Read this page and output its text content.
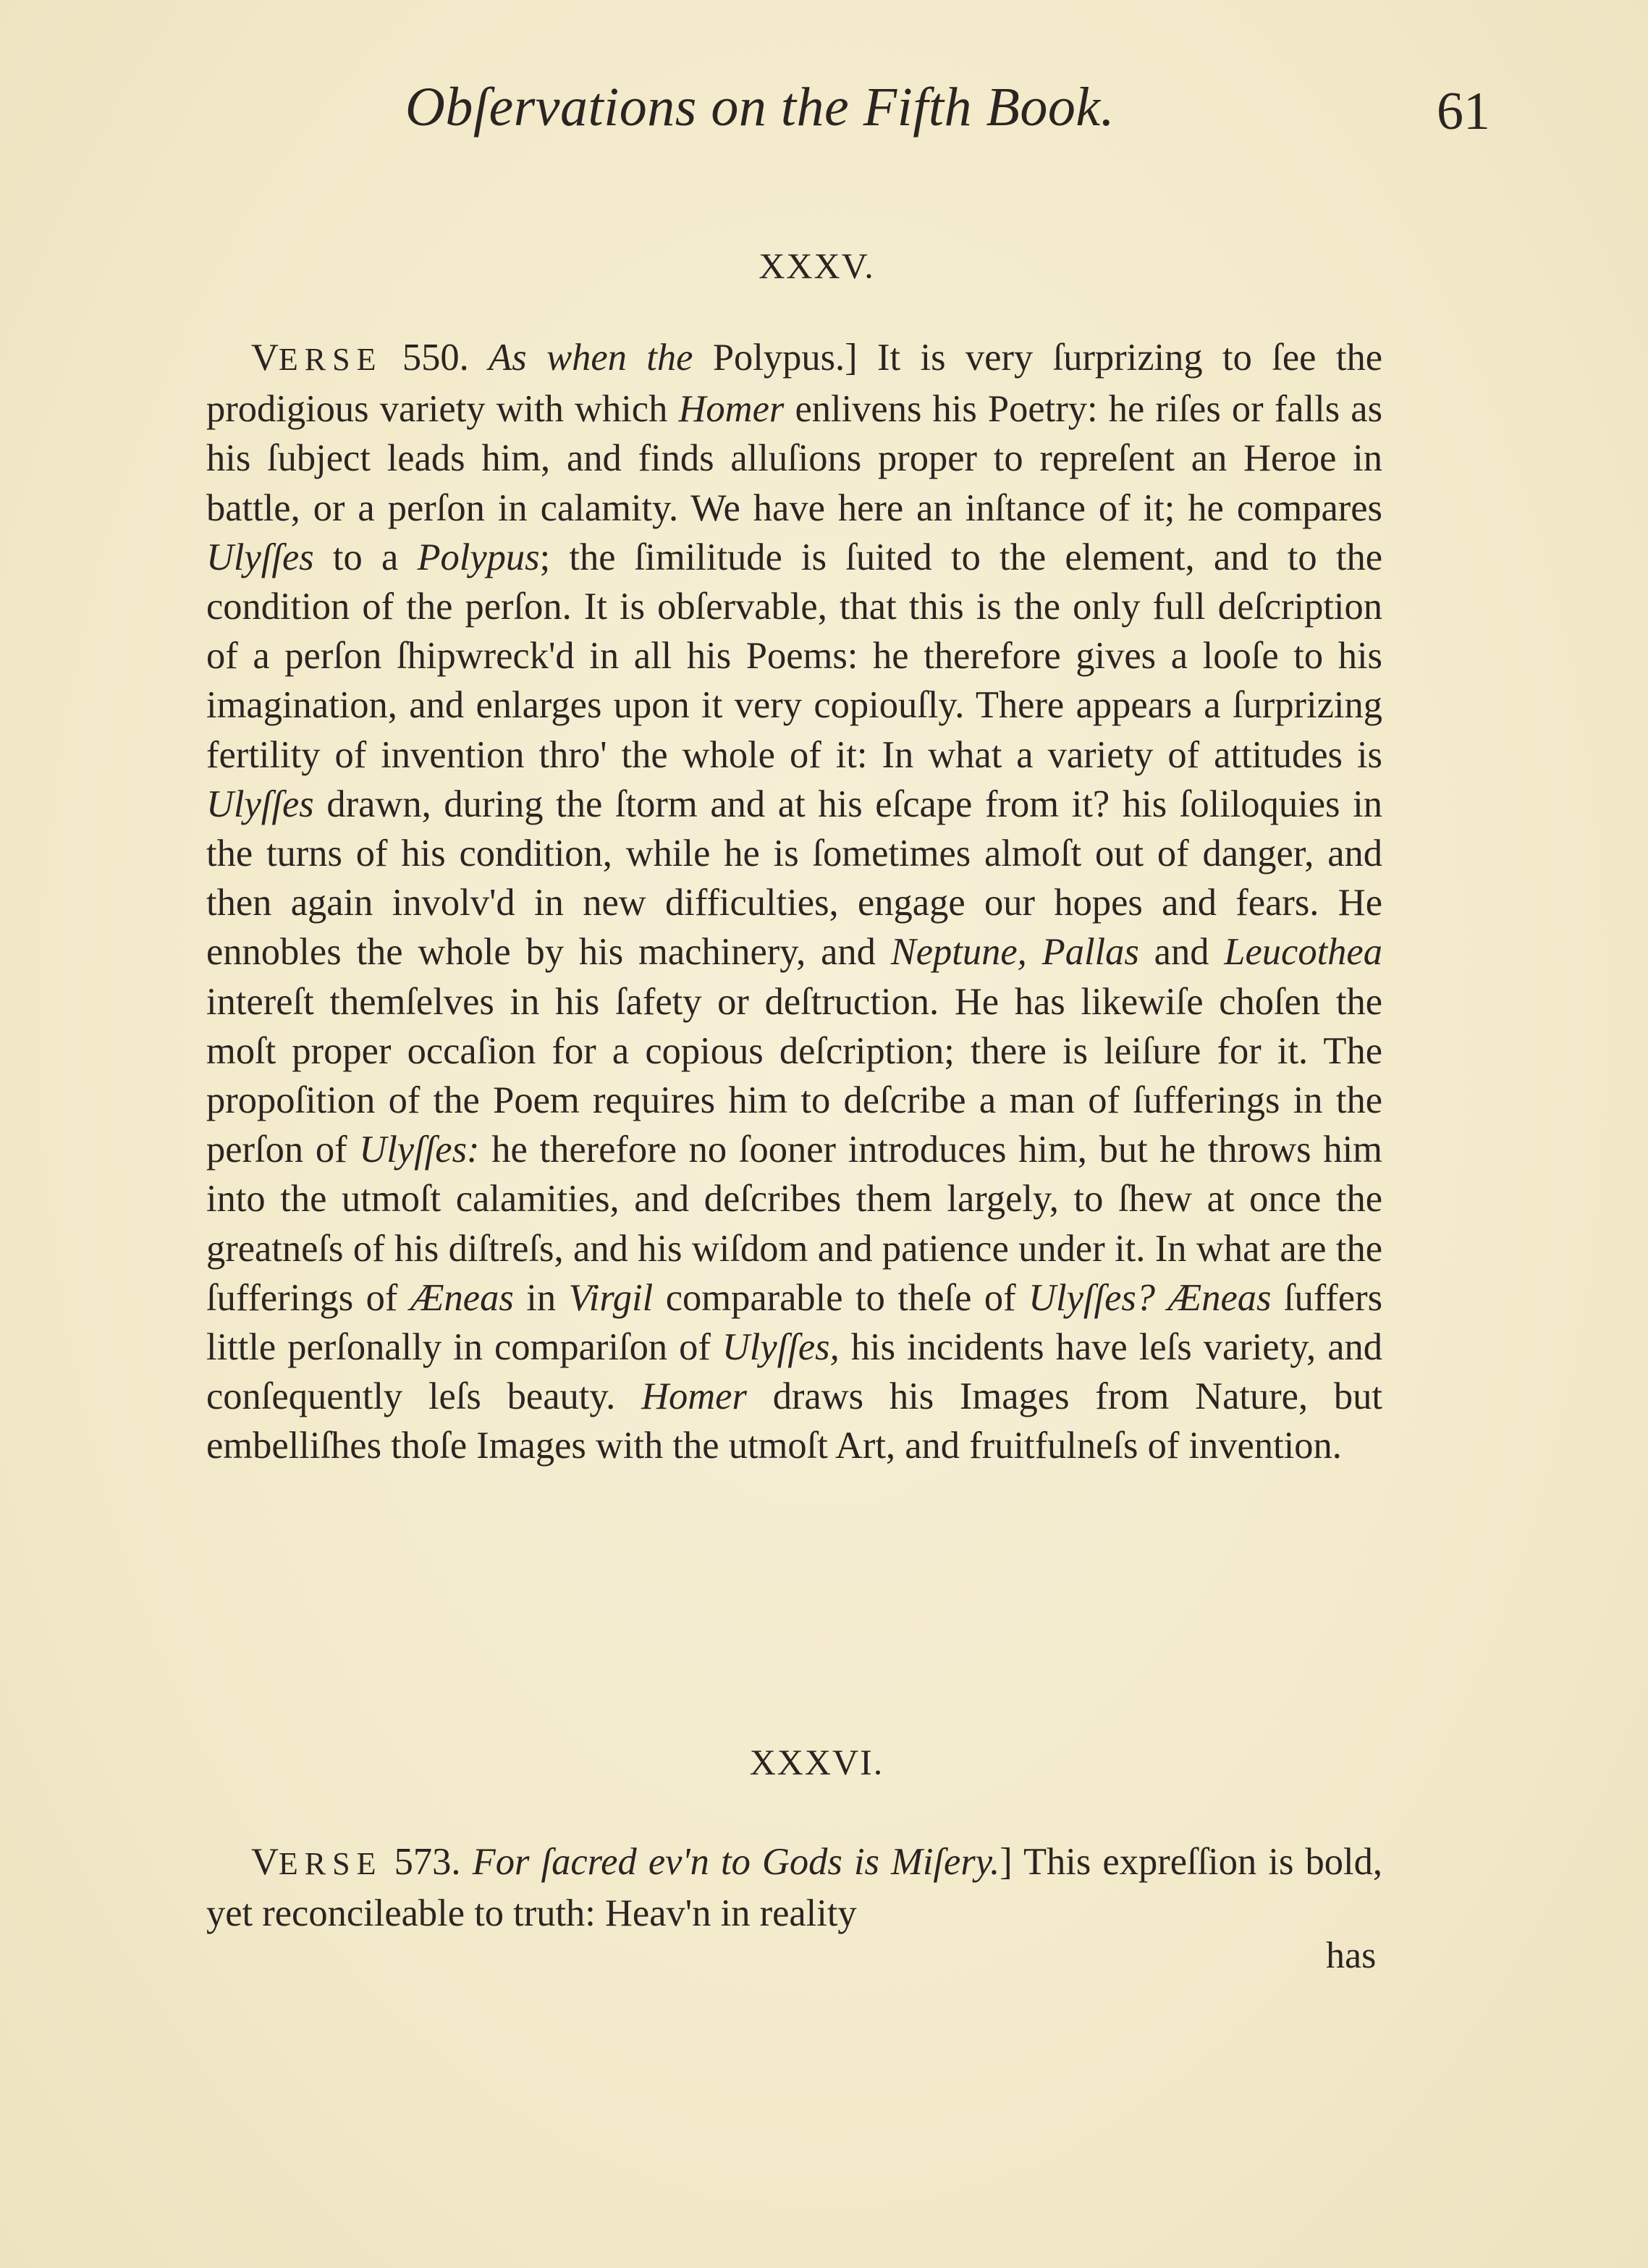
Obſervations on the Fifth Book.	61
XXXV.
VERSE 550. As when the Polypus.] It is very ſurprizing to ſee the prodigious variety with which Homer enlivens his Poetry: he riſes or falls as his ſubject leads him, and finds alluſions proper to repreſent an Heroe in battle, or a perſon in calamity. We have here an inſtance of it; he compares Ulyſſes to a Polypus; the ſimilitude is ſuited to the element, and to the condition of the perſon. It is obſervable, that this is the only full deſcription of a perſon ſhipwreck'd in all his Poems: he therefore gives a looſe to his imagination, and enlarges upon it very copiouſly. There appears a ſurprizing fertility of invention thro' the whole of it: In what a variety of attitudes is Ulyſſes drawn, during the ſtorm and at his eſcape from it? his ſoliloquies in the turns of his condition, while he is ſometimes almoſt out of danger, and then again involv'd in new difficulties, engage our hopes and fears. He ennobles the whole by his machinery, and Neptune, Pallas and Leucothea intereſt themſelves in his ſafety or deſtruction. He has likewiſe choſen the moſt proper occaſion for a copious deſcription; there is leiſure for it. The propoſition of the Poem requires him to deſcribe a man of ſufferings in the perſon of Ulyſſes: he therefore no ſooner introduces him, but he throws him into the utmoſt calamities, and deſcribes them largely, to ſhew at once the greatneſs of his diſtreſs, and his wiſdom and patience under it. In what are the ſufferings of Æneas in Virgil comparable to theſe of Ulyſſes? Æneas ſuffers little perſonally in compariſon of Ulyſſes, his incidents have leſs variety, and conſequently leſs beauty. Homer draws his Images from Nature, but embelliſhes thoſe Images with the utmoſt Art, and fruitfulneſs of invention.
XXXVI.
VERSE 573. For ſacred ev'n to Gods is Miſery.] This expreſſion is bold, yet reconcileable to truth: Heav'n in reality
has
